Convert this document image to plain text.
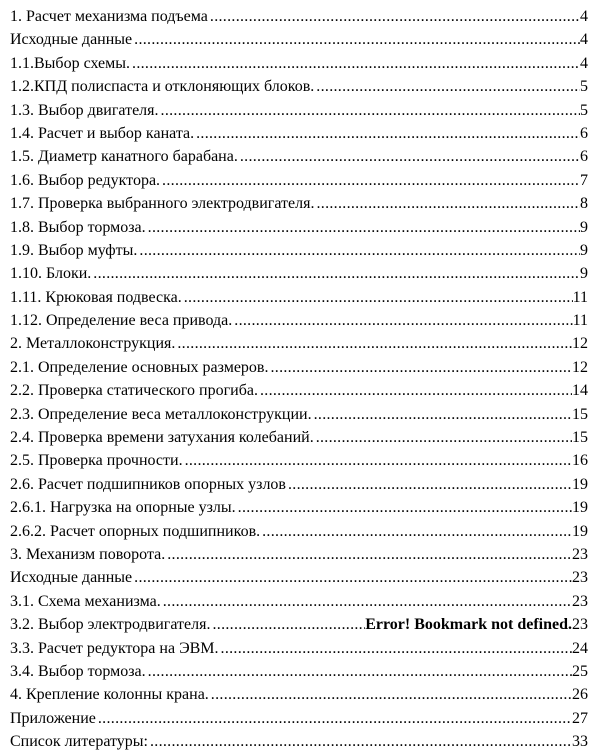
1. Расчет механизма подъема .....	4
Исходные данные .....	4
1.1.Выбор схемы. .....	4
1.2.КПД полиспаста и отклоняющих блоков. .....	5
1.3. Выбор двигателя. .....	5
1.4. Расчет и выбор каната. .....	6
1.5. Диаметр канатного барабана. .....	6
1.6. Выбор редуктора. .....	7
1.7. Проверка выбранного электродвигателя. .....	8
1.8. Выбор тормоза. .....	9
1.9. Выбор муфты. .....	9
1.10. Блоки. .....	9
1.11. Крюковая подвеска. .....	11
1.12. Определение веса привода. .....	11
2. Металлоконструкция. .....	12
2.1. Определение основных размеров. .....	12
2.2. Проверка статического прогиба. .....	14
2.3. Определение веса металлоконструкции. .....	15
2.4. Проверка времени затухания колебаний. .....	15
2.5. Проверка прочности. .....	16
2.6. Расчет подшипников опорных узлов .....	19
2.6.1. Нагрузка на опорные узлы. .....	19
2.6.2. Расчет опорных подшипников. .....	19
3. Механизм поворота. .....	23
Исходные данные .....	23
3.1. Схема механизма. .....	23
3.2. Выбор электродвигателя. .....	Error! Bookmark not defined. 23
3.3. Расчет редуктора на ЭВМ. .....	24
3.4. Выбор тормоза. .....	25
4. Крепление колонны крана. .....	26
Приложение .....	27
Список литературы: .....	33
